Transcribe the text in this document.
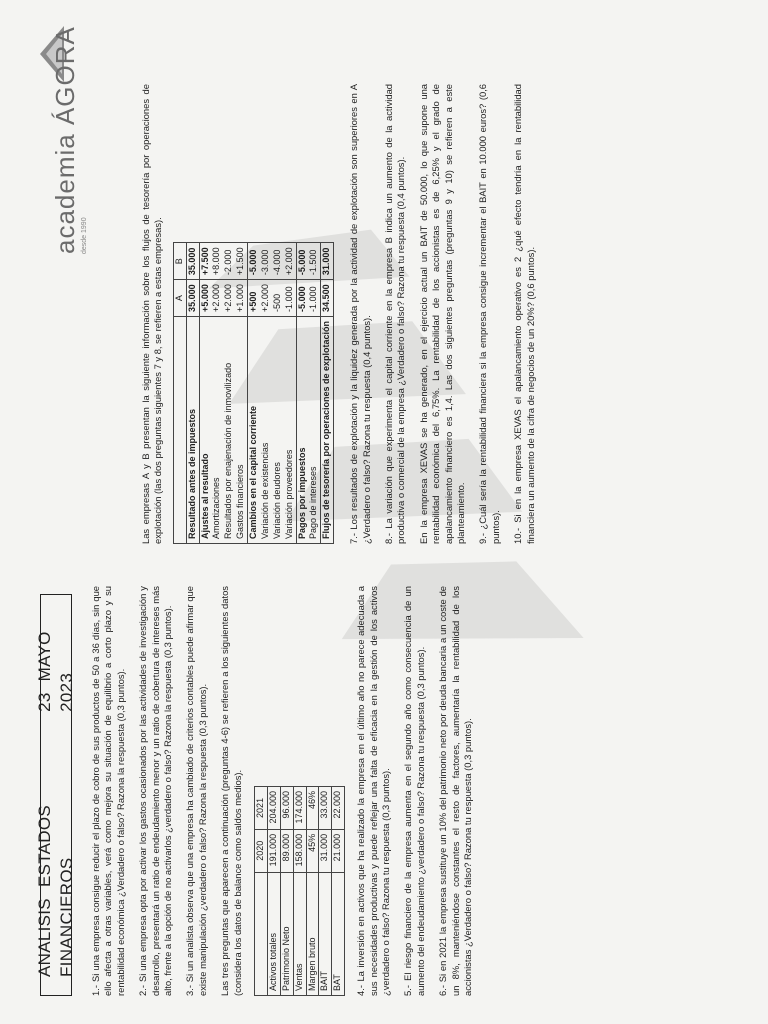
academia ÁGORA desde 1990
ANALISIS ESTADOS FINANCIEROS
23 MAYO 2023 1.- Si una empresa consigue reducir el plazo de cobro de sus productos de 50 a 36 días, sin que ello afecta a otras variables, verá como mejora su situación de equilibrio a corto plazo y su rentabilidad económica ¿Verdadero o falso? Razona la respuesta (0,3 puntos). 2.- Si una empresa opta por activar los gastos ocasionados por las actividades de investigación y desarrollo, presentará un ratio de endeudamiento menor y un ratio de cobertura de intereses más alto, frente a la opción de no activarlos ¿verdadero o falso? Razona la respuesta (0,3 puntos). 3.- Si un analista observa que una empresa ha cambiado de criterios contables puede afirmar que existe manipulación ¿verdadero o falso? Razona la respuesta (0,3 puntos). Las tres preguntas que aparecen a continuación (preguntas 4-6) se refieren a los siguientes datos (considera los datos de balance como saldos medios).

	2020	2021
Activos totales	191.000	204.000
Patrimonio Neto	89.000	96.000
Ventas	158.000	174.000
Margen bruto	45%	46%
BAIT	31.000	33.000
BAT	21.000	22.000 4.- La inversión en activos que ha realizado la empresa en el último año no parece adecuada a sus necesidades productivas y puede reflejar una falta de eficacia en la gestión de los activos ¿verdadero o falso? Razona tu respuesta (0,3 puntos). 5.- El riesgo financiero de la empresa aumenta en el segundo año como consecuencia de un aumento del endeudamiento ¿verdadero o falso? Razona tu respuesta (0,3 puntos). 6.- Si en 2021 la empresa sustituye un 10% del patrimonio neto por deuda bancaria a un coste de un 8%, manteniéndose constantes el resto de factores, aumentaría la rentabilidad de los accionistas ¿Verdadero o falso? Razona tu respuesta (0,3 puntos).

Las empresas A y B presentan la siguiente información sobre los flujos de tesorería por operaciones de explotación (las dos preguntas siguientes 7 y 8, se refieren a estas empresas).

	A	B
Resultado antes de impuestos	35.000	35.000
Ajustes al resultado	+5.000	+7.500
Amortizaciones	+2.000	+8.000
Resultados por enajenación de inmovilizado	+2.000	-2.000
Gastos financieros	+1.000	+1.500
Cambios en el capital corriente	+500	-5.000
Variación de existencias	+2.000	-3.000
Variación deudores	-500	-4.000
Variación proveedores	-1.000	+2.000
Pagos por impuestos	-5.000	-5.000
Pago de intereses	-1.000	-1.500
Flujos de tesorería por operaciones de explotación	34.500	31.000 7.- Los resultados de explotación y la liquidez generada por la actividad de explotación son superiores en A ¿Verdadero o falso? Razona tu respuesta (0,4 puntos). 8.- La variación que experimenta el capital corriente en la empresa B indica un aumento de la actividad productiva o comercial de la empresa ¿Verdadero o falso? Razona tu respuesta (0,4 puntos). En la empresa XEVAS se ha generado, en el ejercicio actual un BAIT de 50.000, lo que supone una rentabilidad económica del 6,75%. La rentabilidad de los accionistas es de 6,25% y el grado de apalancamiento financiero es 1,4. Las dos siguientes preguntas (preguntas 9 y 10) se refieren a este planteamiento. 9.- ¿Cuál sería la rentabilidad financiera si la empresa consigue incrementar el BAIT en 10.000 euros? (0,6 puntos). 10.- Si en la empresa XEVAS el apalancamiento operativo es 2 ¿qué efecto tendría en la rentabilidad financiera un aumento de la cifra de negocios de un 20%? (0,6 puntos).
